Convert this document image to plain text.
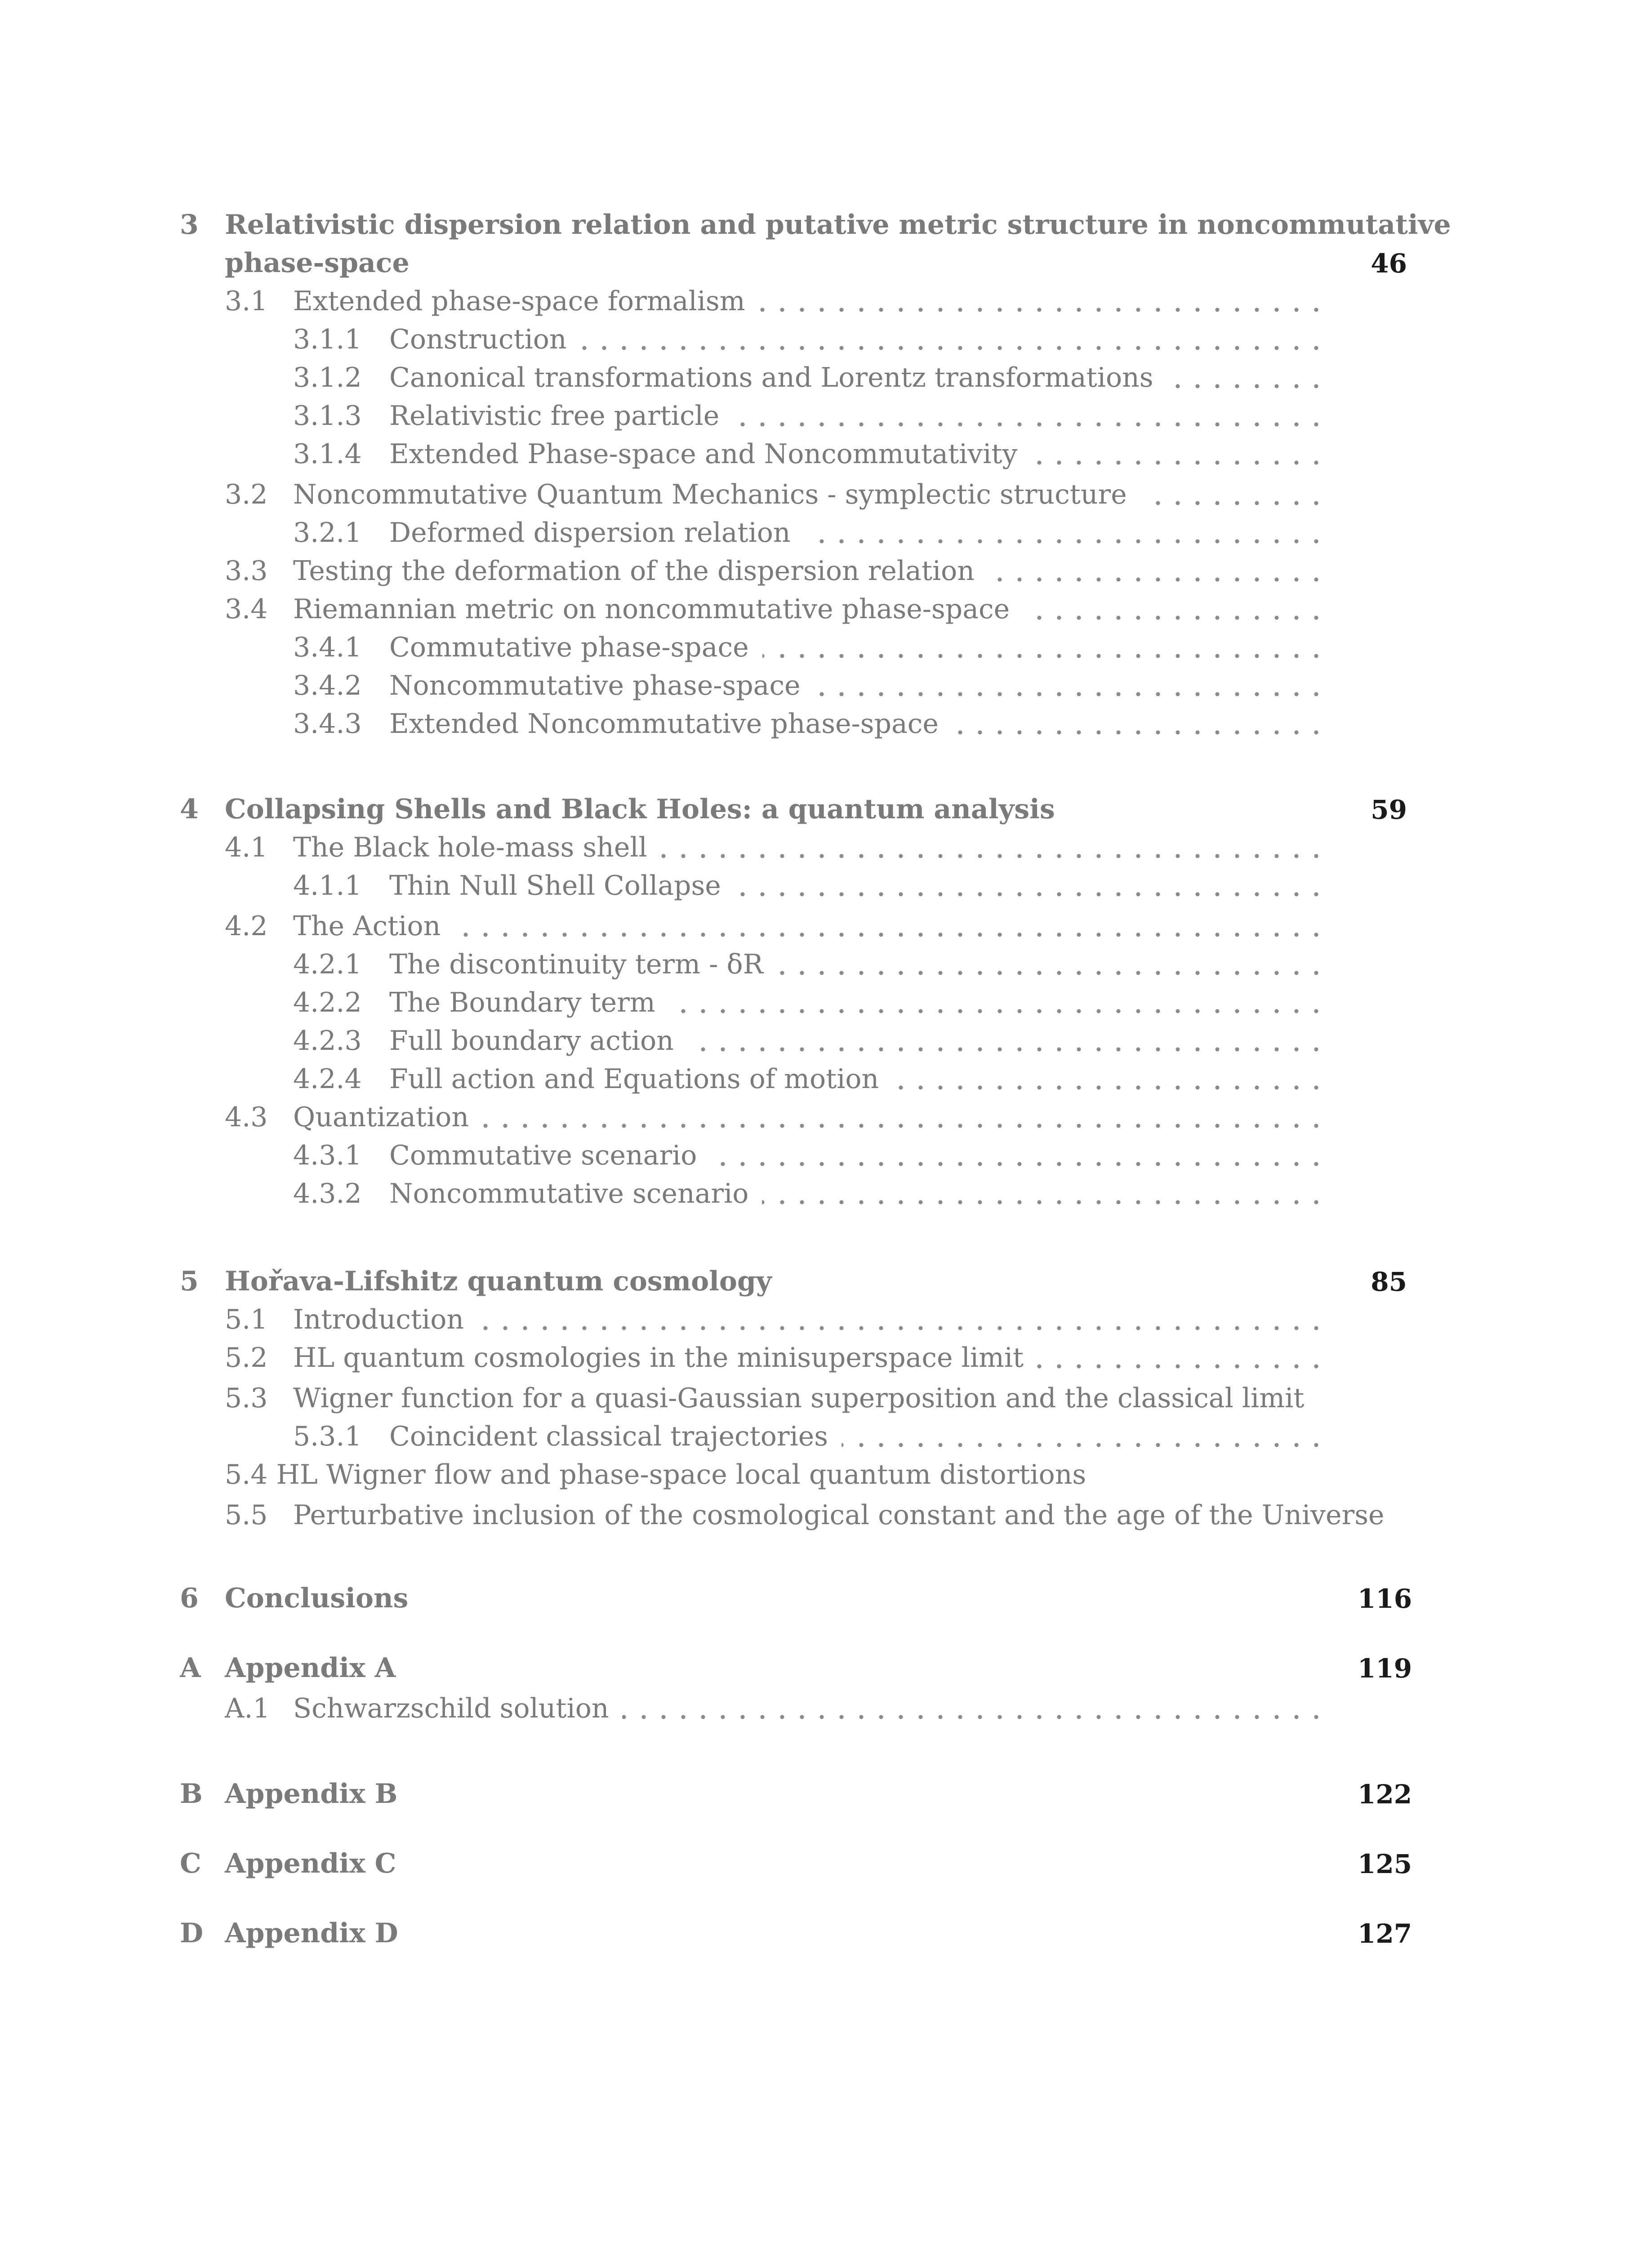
3 Relativistic dispersion relation and putative metric structure in noncommutative
phase-space	46
3.1 Extended phase-space formalism
3.1.1 Construction
3.1.2 Canonical transformations and Lorentz transformations
3.1.3 Relativistic free particle
3.1.4 Extended Phase-space and Noncommutativity
3.2 Noncommutative Quantum Mechanics - symplectic structure
3.2.1 Deformed dispersion relation
3.3 Testing the deformation of the dispersion relation
3.4 Riemannian metric on noncommutative phase-space
3.4.1 Commutative phase-space
3.4.2 Noncommutative phase-space
3.4.3 Extended Noncommutative phase-space
4 Collapsing Shells and Black Holes: a quantum analysis	59
4.1 The Black hole-mass shell
4.1.1 Thin Null Shell Collapse
4.2 The Action
4.2.1 The discontinuity term - δR
4.2.2 The Boundary term
4.2.3 Full boundary action
4.2.4 Full action and Equations of motion
4.3 Quantization
4.3.1 Commutative scenario
4.3.2 Noncommutative scenario
5 Hořava-Lifshitz quantum cosmology	85
5.1 Introduction
5.2 HL quantum cosmologies in the minisuperspace limit
5.3 Wigner function for a quasi-Gaussian superposition and the classical limit
5.3.1 Coincident classical trajectories
5.4 HL Wigner flow and phase-space local quantum distortions
5.5 Perturbative inclusion of the cosmological constant and the age of the Universe
6 Conclusions	116
A Appendix A	119
A.1 Schwarzschild solution
B Appendix B	122
C Appendix C	125
D Appendix D	127
